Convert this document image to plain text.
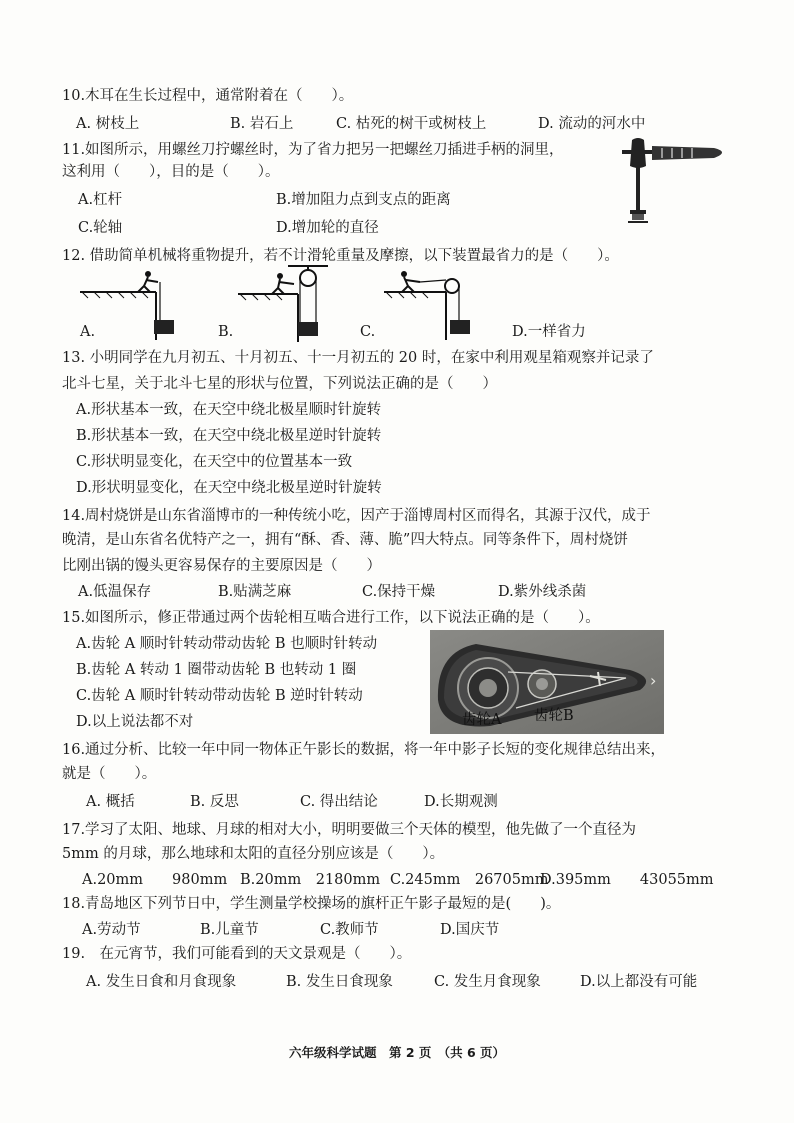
10.木耳在生长过程中，通常附着在（　　）。
A. 树枝上	B. 岩石上	C. 枯死的树干或树枝上	D. 流动的河水中
11.如图所示，用螺丝刀拧螺丝时，为了省力把另一把螺丝刀插进手柄的洞里，
这利用（　　），目的是（　　）。
A.杠杆	B.增加阻力点到支点的距离
C.轮轴	D.增加轮的直径
12. 借助简单机械将重物提升，若不计滑轮重量及摩擦，以下装置最省力的是（　　）。
A.	B.	C.	D.一样省力
13. 小明同学在九月初五、十月初五、十一月初五的 20 时，在家中利用观星箱观察并记录了
北斗七星，关于北斗七星的形状与位置，下列说法正确的是（　　）
A.形状基本一致，在天空中绕北极星顺时针旋转
B.形状基本一致，在天空中绕北极星逆时针旋转
C.形状明显变化，在天空中的位置基本一致
D.形状明显变化，在天空中绕北极星逆时针旋转
14.周村烧饼是山东省淄博市的一种传统小吃，因产于淄博周村区而得名，其源于汉代，成于
晚清，是山东省名优特产之一，拥有“酥、香、薄、脆”四大特点。同等条件下，周村烧饼
比刚出锅的馒头更容易保存的主要原因是（　　）
A.低温保存	B.贴满芝麻	C.保持干燥	D.紫外线杀菌
15.如图所示，修正带通过两个齿轮相互啮合进行工作，以下说法正确的是（　　）。
A.齿轮 A 顺时针转动带动齿轮 B 也顺时针转动
B.齿轮 A 转动 1 圈带动齿轮 B 也转动 1 圈
C.齿轮 A 顺时针转动带动齿轮 B 逆时针转动
D.以上说法都不对
›
齿轮A 齿轮B
16.通过分析、比较一年中同一物体正午影长的数据，将一年中影子长短的变化规律总结出来，
就是（　　）。
A. 概括	B. 反思	C. 得出结论	D.长期观测
17.学习了太阳、地球、月球的相对大小，明明要做三个天体的模型，他先做了一个直径为
5mm 的月球，那么地球和太阳的直径分别应该是（　　）。
A.20mm　　980mm B.20mm　2180mm C.245mm　26705mm
D.395mm　　43055mm
18.青岛地区下列节日中，学生测量学校操场的旗杆正午影子最短的是(　　)。
A.劳动节	B.儿童节	C.教师节	D.国庆节
19.　在元宵节，我们可能看到的天文景观是（　　）。
A. 发生日食和月食现象	B. 发生日食现象	C. 发生月食现象	D.以上都没有可能
六年级科学试题　第 2 页　（共 6 页）
